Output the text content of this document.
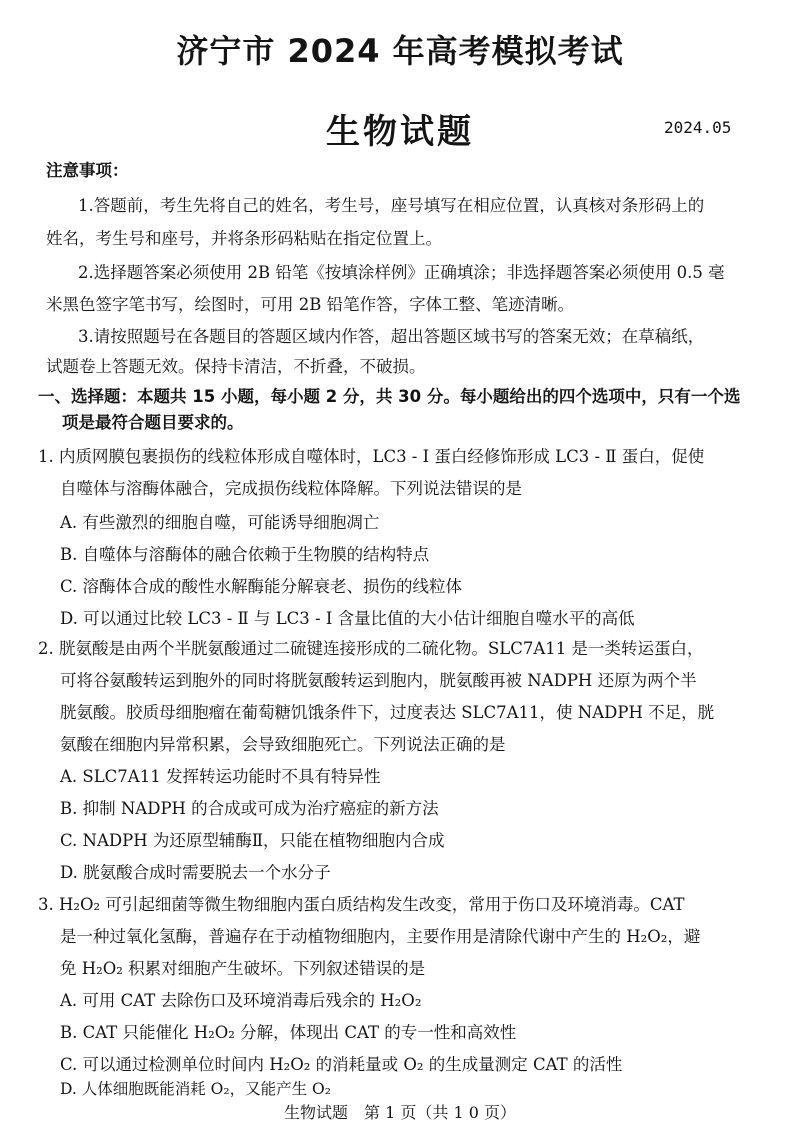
济宁市 2024 年高考模拟考试
生物试题	2024.05
注意事项：
1.答题前，考生先将自己的姓名，考生号，座号填写在相应位置，认真核对条形码上的
姓名，考生号和座号，并将条形码粘贴在指定位置上。
2.选择题答案必须使用 2B 铅笔《按填涂样例》正确填涂；非选择题答案必须使用 0.5 毫
米黑色签字笔书写，绘图时，可用 2B 铅笔作答，字体工整、笔迹清晰。
3.请按照题号在各题目的答题区域内作答，超出答题区域书写的答案无效；在草稿纸，
试题卷上答题无效。保持卡清洁，不折叠，不破损。
一、选择题：本题共 15 小题，每小题 2 分，共 30 分。每小题给出的四个选项中，只有一个选
项是最符合题目要求的。
1. 内质网膜包裹损伤的线粒体形成自噬体时，LC3 - Ⅰ 蛋白经修饰形成 LC3 - Ⅱ 蛋白，促使
自噬体与溶酶体融合，完成损伤线粒体降解。下列说法错误的是
A. 有些激烈的细胞自噬，可能诱导细胞凋亡
B. 自噬体与溶酶体的融合依赖于生物膜的结构特点
C. 溶酶体合成的酸性水解酶能分解衰老、损伤的线粒体
D. 可以通过比较 LC3 - Ⅱ 与 LC3 - Ⅰ 含量比值的大小估计细胞自噬水平的高低
2. 胱氨酸是由两个半胱氨酸通过二硫键连接形成的二硫化物。SLC7A11 是一类转运蛋白，
可将谷氨酸转运到胞外的同时将胱氨酸转运到胞内，胱氨酸再被 NADPH 还原为两个半
胱氨酸。胶质母细胞瘤在葡萄糖饥饿条件下，过度表达 SLC7A11，使 NADPH 不足，胱
氨酸在细胞内异常积累，会导致细胞死亡。下列说法正确的是
A. SLC7A11 发挥转运功能时不具有特异性
B. 抑制 NADPH 的合成或可成为治疗癌症的新方法
C. NADPH 为还原型辅酶Ⅱ，只能在植物细胞内合成
D. 胱氨酸合成时需要脱去一个水分子
3. H₂O₂ 可引起细菌等微生物细胞内蛋白质结构发生改变，常用于伤口及环境消毒。CAT
是一种过氧化氢酶，普遍存在于动植物细胞内，主要作用是清除代谢中产生的 H₂O₂，避
免 H₂O₂ 积累对细胞产生破坏。下列叙述错误的是
A. 可用 CAT 去除伤口及环境消毒后残余的 H₂O₂
B. CAT 只能催化 H₂O₂ 分解，体现出 CAT 的专一性和高效性
C. 可以通过检测单位时间内 H₂O₂ 的消耗量或 O₂ 的生成量测定 CAT 的活性
生物试题　第 1 页（共 1 0 页）
D. 人体细胞既能消耗 O₂，又能产生 O₂
